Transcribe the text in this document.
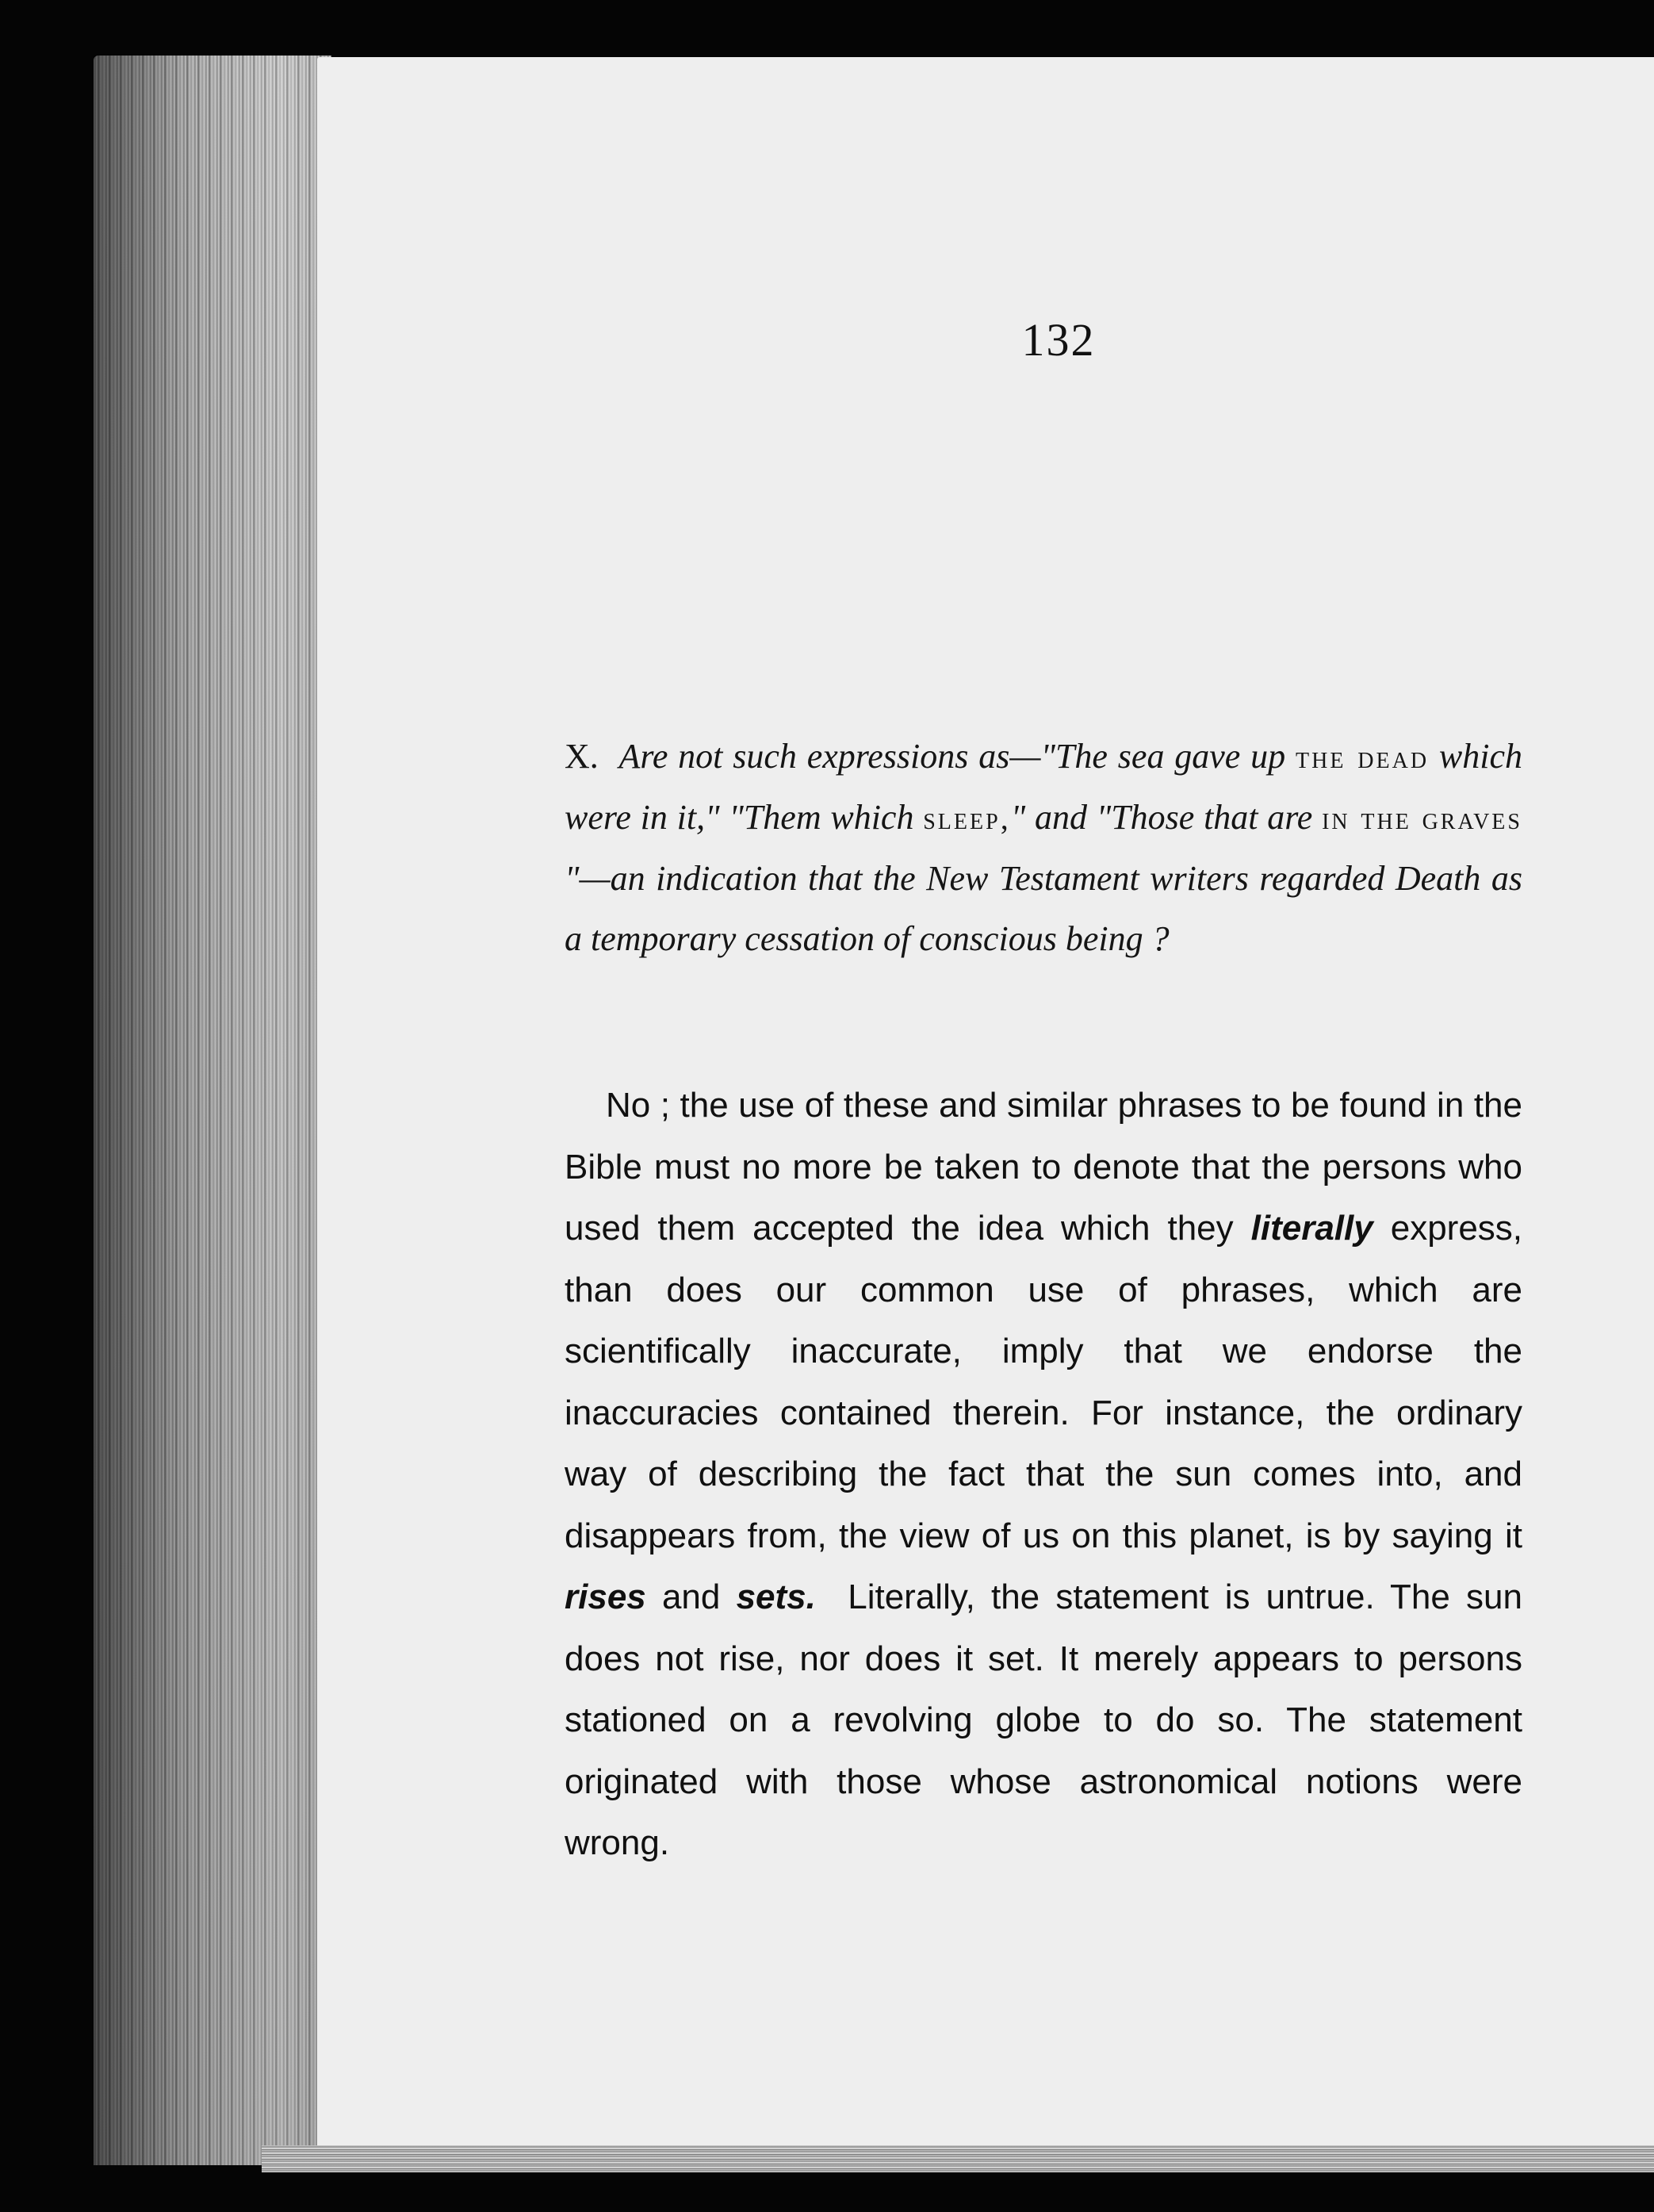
132
X. Are not such expressions as—"The sea gave up the dead which were in it," "Them which sleep," and "Those that are in the graves "—an indication that the New Testament writers regarded Death as a temporary cessation of conscious being ?
No ; the use of these and similar phrases to be found in the Bible must no more be taken to denote that the persons who used them accepted the idea which they literally express, than does our common use of phrases, which are scientifically inaccurate, imply that we endorse the inaccuracies contained therein. For instance, the ordinary way of describing the fact that the sun comes into, and disappears from, the view of us on this planet, is by saying it rises and sets. Literally, the statement is untrue. The sun does not rise, nor does it set. It merely appears to persons stationed on a revolving globe to do so. The statement originated with those whose astronomical notions were wrong.
